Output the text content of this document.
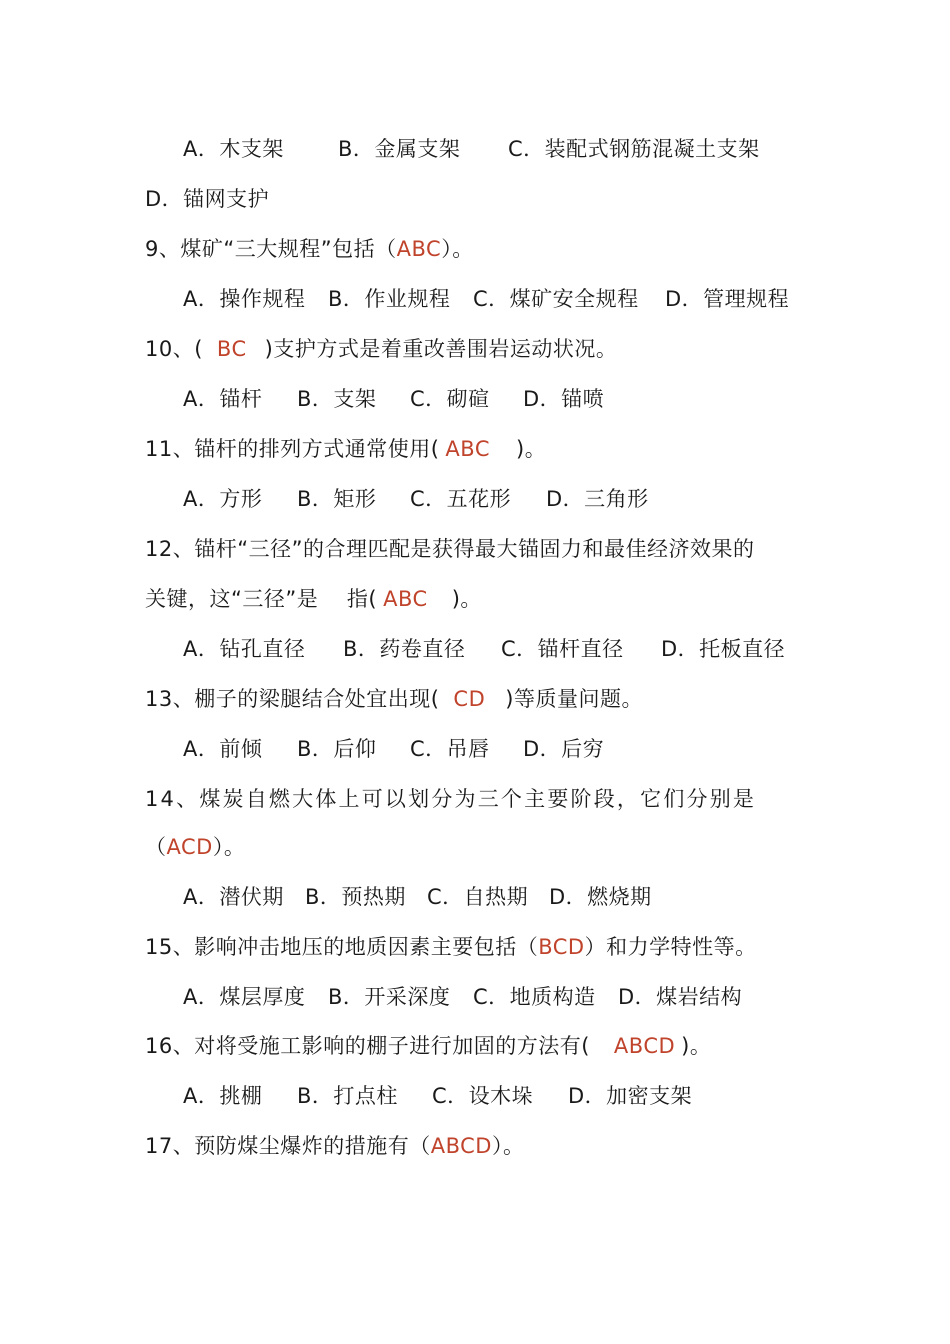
A．木支架	B．金属支架 C．装配式钢筋混凝土支架
D．锚网支护
9、煤矿“三大规程”包括（ABC）。
A．操作规程 B．作业规程 C．煤矿安全规程 D．管理规程
10、( BC )支护方式是着重改善围岩运动状况。
A．锚杆 B．支架 C．砌碹 D．锚喷
11、锚杆的排列方式通常使用( ABC )。
A．方形 B．矩形 C．五花形 D．三角形
12、锚杆“三径”的合理匹配是获得最大锚固力和最佳经济效果的
关键，这“三径”是　 指( ABC )。
A．钻孔直径 B．药卷直径 C．锚杆直径 D．托板直径
13、棚子的梁腿结合处宜出现( CD )等质量问题。
A．前倾 B．后仰 C．吊唇 D．后穷
14、煤炭自燃大体上可以划分为三个主要阶段，它们分别是
（ACD）。
A．潜伏期 B．预热期 C．自热期 D．燃烧期
15、影响冲击地压的地质因素主要包括（BCD）和力学特性等。
A．煤层厚度 B．开采深度 C．地质构造 D．煤岩结构
16、对将受施工影响的棚子进行加固的方法有( ABCD )。
A．挑棚 B．打点柱 C．设木垛 D．加密支架
17、预防煤尘爆炸的措施有（ABCD）。
